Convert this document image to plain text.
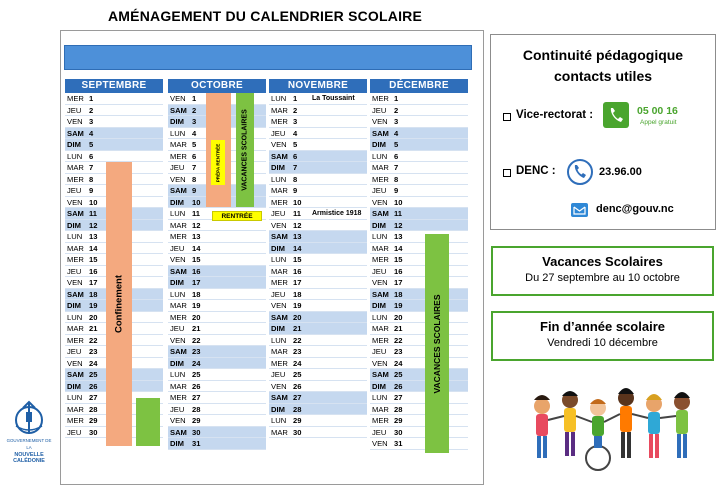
AMÉNAGEMENT DU CALENDRIER SCOLAIRE
SEPTEMBRE
MER 1
JEU 2
VEN 3
SAM 4
DIM 5
LUN 6
MAR 7
MER 8
JEU 9
VEN 10
SAM 11
DIM 12
LUN 13
MAR 14
MER 15
JEU 16
VEN 17
SAM 18
DIM 19
LUN 20
MAR 21
MER 22
JEU 23
VEN 24
SAM 25
DIM 26
LUN 27
MAR 28
MER 29
JEU 30
OCTOBRE
VEN 1
SAM 2
DIM 3
LUN 4
MAR 5
MER 6
JEU 7
VEN 8
SAM 9
DIM 10
LUN 11
MAR 12
MER 13
JEU 14
VEN 15
SAM 16
DIM 17
LUN 18
MAR 19
MER 20
JEU 21
VEN 22
SAM 23
DIM 24
LUN 25
MAR 26
MER 27
JEU 28
VEN 29
SAM 30
DIM 31
NOVEMBRE
LUN 1 La Toussaint
MAR 2
MER 3
JEU 4
VEN 5
SAM 6
DIM 7
LUN 8
MAR 9
MER 10
JEU 11 Armistice 1918
VEN 12
SAM 13
DIM 14
LUN 15
MAR 16
MER 17
JEU 18
VEN 19
SAM 20
DIM 21
LUN 22
MAR 23
MER 24
JEU 25
VEN 26
SAM 27
DIM 28
LUN 29
MAR 30
DÉCEMBRE
MER 1
JEU 2
VEN 3
SAM 4
DIM 5
LUN 6
MAR 7
MER 8
JEU 9
VEN 10
SAM 11
DIM 12
LUN 13
MAR 14
MER 15
JEU 16
VEN 17
SAM 18
DIM 19
LUN 20
MAR 21
MER 22
JEU 23
VEN 24
SAM 25
DIM 26
LUN 27
MAR 28
MER 29
JEU 30
VEN 31
Confinement
PRÉPA RENTRÉE	VACANCES SCOLAIRES
RENTRÉE
VACANCES SCOLAIRES
GOUVERNEMENT DE LA
NOUVELLE
CALÉDONIE
Continuité pédagogique
contacts utiles
Vice-rectorat :	05 00 16
Appel gratuit
DENC :	23.96.00
denc@gouv.nc
Vacances Scolaires
Du 27 septembre au 10 octobre
Fin d’année scolaire
Vendredi 10 décembre
